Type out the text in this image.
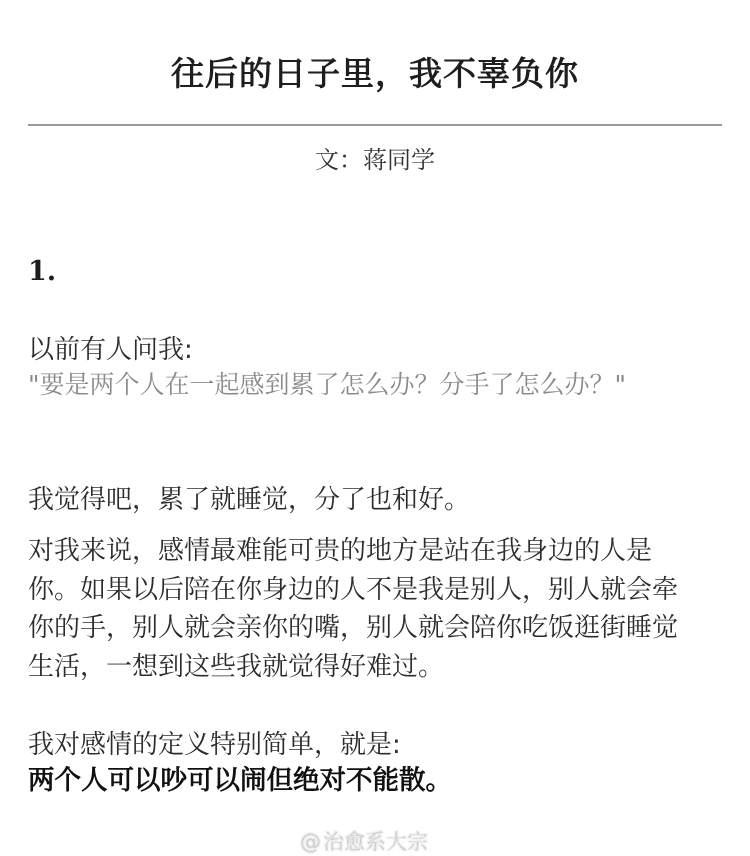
往后的日子里，我不辜负你
文：蒋同学
1.
以前有人问我:
"要是两个人在一起感到累了怎么办？分手了怎么办？"
我觉得吧，累了就睡觉，分了也和好。
对我来说，感情最难能可贵的地方是站在我身边的人是
你。如果以后陪在你身边的人不是我是别人，别人就会牵
你的手，别人就会亲你的嘴，别人就会陪你吃饭逛街睡觉
生活，一想到这些我就觉得好难过。
我对感情的定义特别简单，就是:
两个人可以吵可以闹但绝对不能散。
@治愈系大宗
